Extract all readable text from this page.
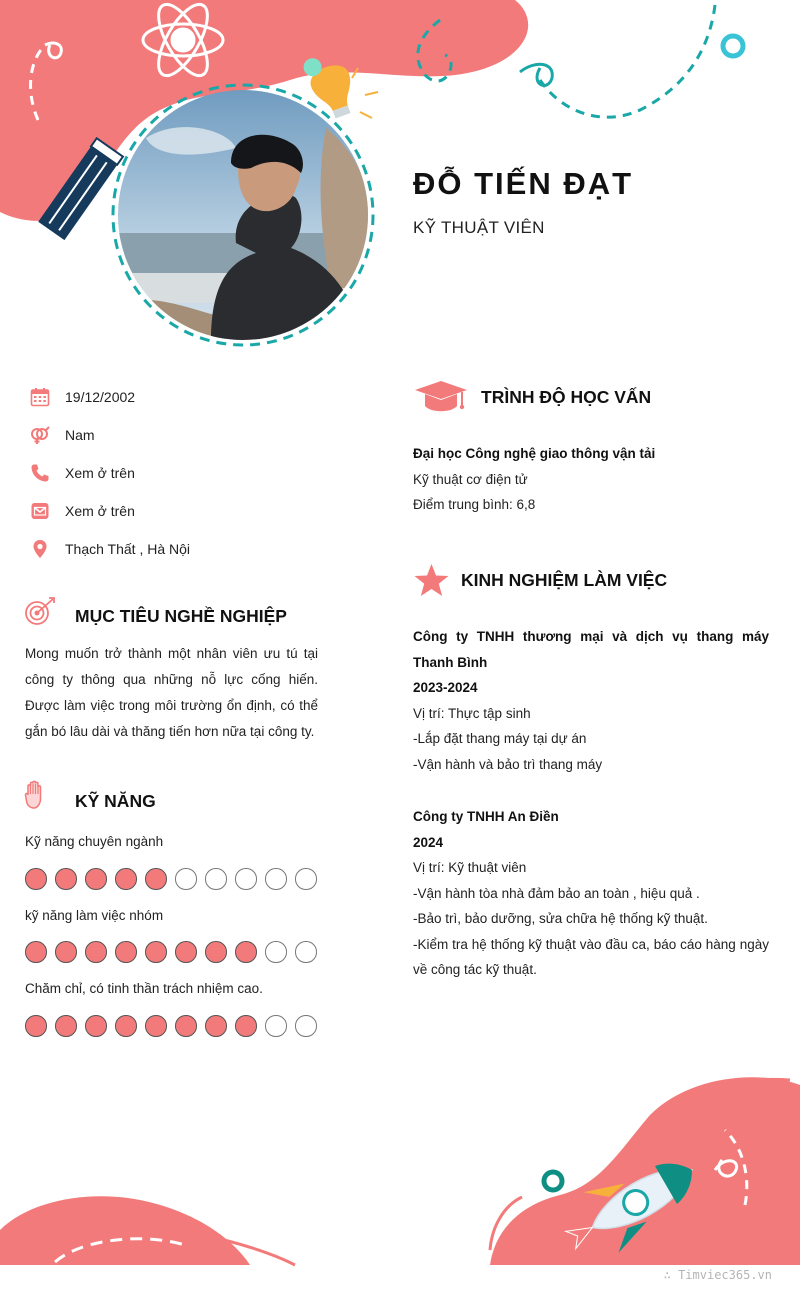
ĐỖ TIẾN ĐẠT
KỸ THUẬT VIÊN
19/12/2002
Nam
Xem ở trên
Xem ở trên
Thạch Thất , Hà Nội
MỤC TIÊU NGHỀ NGHIỆP
Mong muốn trở thành một nhân viên ưu tú tại công ty thông qua những nỗ lực cống hiến. Được làm việc trong môi trường ổn định, có thể gắn bó lâu dài và thăng tiến hơn nữa tại công ty.
KỸ NĂNG
Kỹ năng chuyên ngành
kỹ năng làm việc nhóm
Chăm chỉ, có tinh thần trách nhiệm cao.
TRÌNH ĐỘ HỌC VẤN
Đại học Công nghệ giao thông vận tải
Kỹ thuật cơ điện tử
Điểm trung bình: 6,8
KINH NGHIỆM LÀM VIỆC
Công ty TNHH thương mại và dịch vụ thang máy Thanh Bình
2023-2024
Vị trí: Thực tập sinh
-Lắp đặt thang máy tại dự án
-Vận hành và bảo trì thang máy
Công ty TNHH An Điền
2024
Vị trí: Kỹ thuật viên
-Vận hành tòa nhà đảm bảo an toàn , hiệu quả .
-Bảo trì, bảo dưỡng, sửa chữa hệ thống kỹ thuật.
-Kiểm tra hệ thống kỹ thuật vào đầu ca, báo cáo hàng ngày về công tác kỹ thuật.
∴ Timviec365.vn
